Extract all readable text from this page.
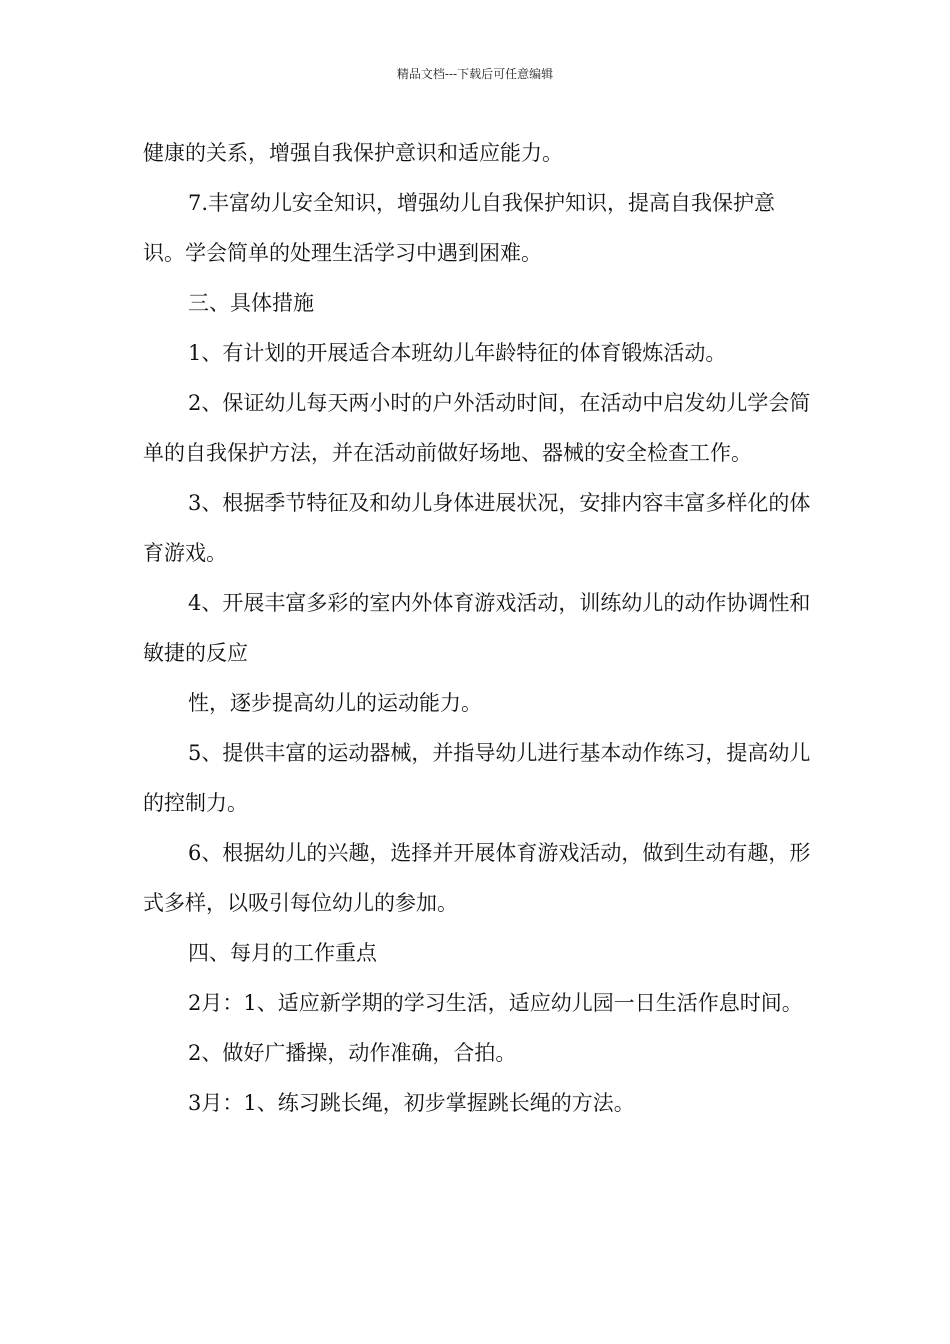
精品文档---下载后可任意编辑

健康的关系，增强自我保护意识和适应能力。

7.丰富幼儿安全知识，增强幼儿自我保护知识，提高自我保护意识。学会简单的处理生活学习中遇到困难。

三、具体措施

1、有计划的开展适合本班幼儿年龄特征的体育锻炼活动。

2、保证幼儿每天两小时的户外活动时间，在活动中启发幼儿学会简单的自我保护方法，并在活动前做好场地、器械的安全检查工作。

3、根据季节特征及和幼儿身体进展状况，安排内容丰富多样化的体育游戏。

4、开展丰富多彩的室内外体育游戏活动，训练幼儿的动作协调性和敏捷的反应

性，逐步提高幼儿的运动能力。

5、提供丰富的运动器械，并指导幼儿进行基本动作练习，提高幼儿的控制力。

6、根据幼儿的兴趣，选择并开展体育游戏活动，做到生动有趣，形式多样，以吸引每位幼儿的参加。

四、每月的工作重点

2月：1、适应新学期的学习生活，适应幼儿园一日生活作息时间。

2、做好广播操，动作准确，合拍。

3月：1、练习跳长绳，初步掌握跳长绳的方法。
